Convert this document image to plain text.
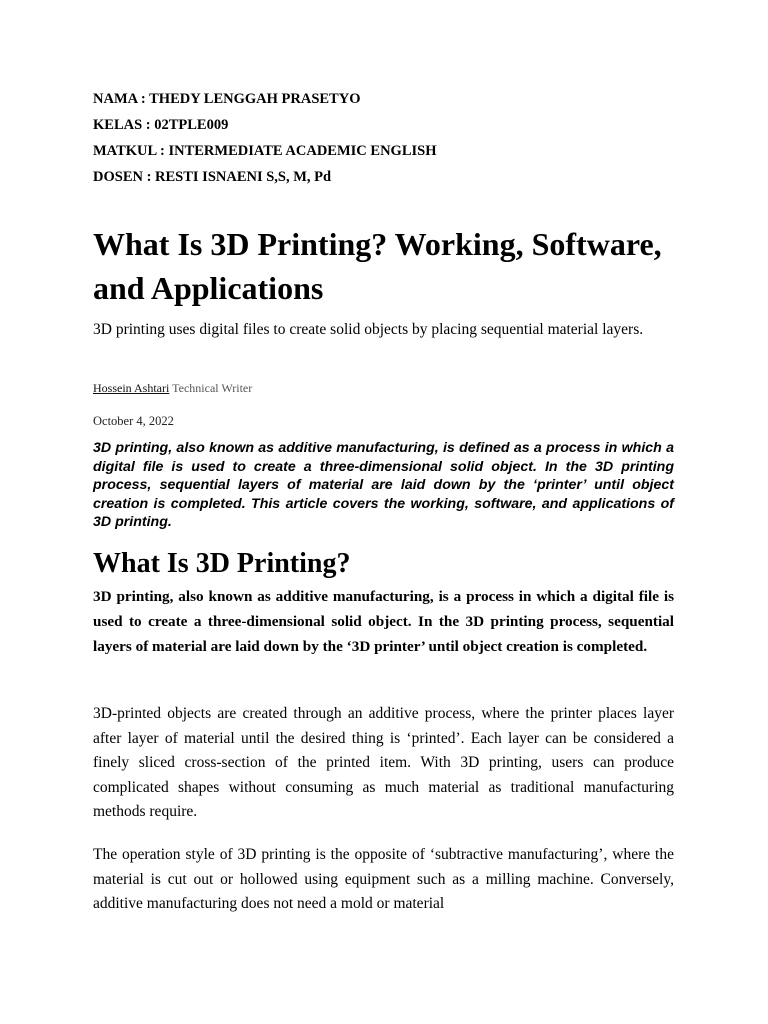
NAMA : THEDY LENGGAH PRASETYO
KELAS : 02TPLE009
MATKUL : INTERMEDIATE ACADEMIC ENGLISH
DOSEN : RESTI ISNAENI S,S, M, Pd
What Is 3D Printing? Working, Software, and Applications

3D printing uses digital files to create solid objects by placing sequential material layers.

Hossein Ashtari Technical Writer
October 4, 2022

3D printing, also known as additive manufacturing, is defined as a process in which a digital file is used to create a three-dimensional solid object. In the 3D printing process, sequential layers of material are laid down by the ‘printer’ until object creation is completed. This article covers the working, software, and applications of 3D printing.

What Is 3D Printing?

3D printing, also known as additive manufacturing, is a process in which a digital file is used to create a three-dimensional solid object. In the 3D printing process, sequential layers of material are laid down by the ‘3D printer’ until object creation is completed.

3D-printed objects are created through an additive process, where the printer places layer after layer of material until the desired thing is ‘printed’. Each layer can be considered a finely sliced cross-section of the printed item. With 3D printing, users can produce complicated shapes without consuming as much material as traditional manufacturing methods require.

The operation style of 3D printing is the opposite of ‘subtractive manufacturing’, where the material is cut out or hollowed using equipment such as a milling machine. Conversely, additive manufacturing does not need a mold or material
